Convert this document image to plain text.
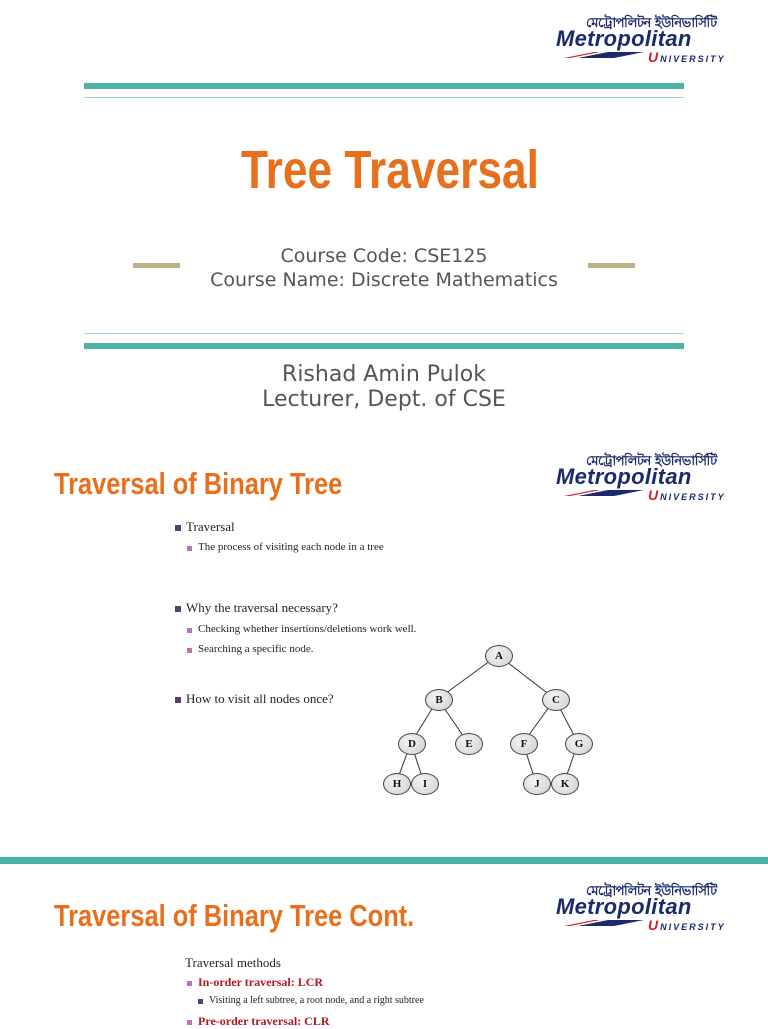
মেট্রোপলিটন ইউনিভার্সিটি
Metropolitan
UNIVERSITY
Tree Traversal
Course Code: CSE125
Course Name: Discrete Mathematics
Rishad Amin Pulok
Lecturer, Dept. of CSE
মেট্রোপলিটন ইউনিভার্সিটি
Metropolitan
UNIVERSITY
Traversal of Binary Tree
Traversal
The process of visiting each node in a tree
Why the traversal necessary?
Checking whether insertions/deletions work well.
Searching a specific node.
How to visit all nodes once?
A
B	C
D	E	F	G
H	I	J	K
মেট্রোপলিটন ইউনিভার্সিটি
Metropolitan
UNIVERSITY
Traversal of Binary Tree Cont.
Traversal methods
In-order traversal: LCR
Visiting a left subtree, a root node, and a right subtree
Pre-order traversal: CLR
